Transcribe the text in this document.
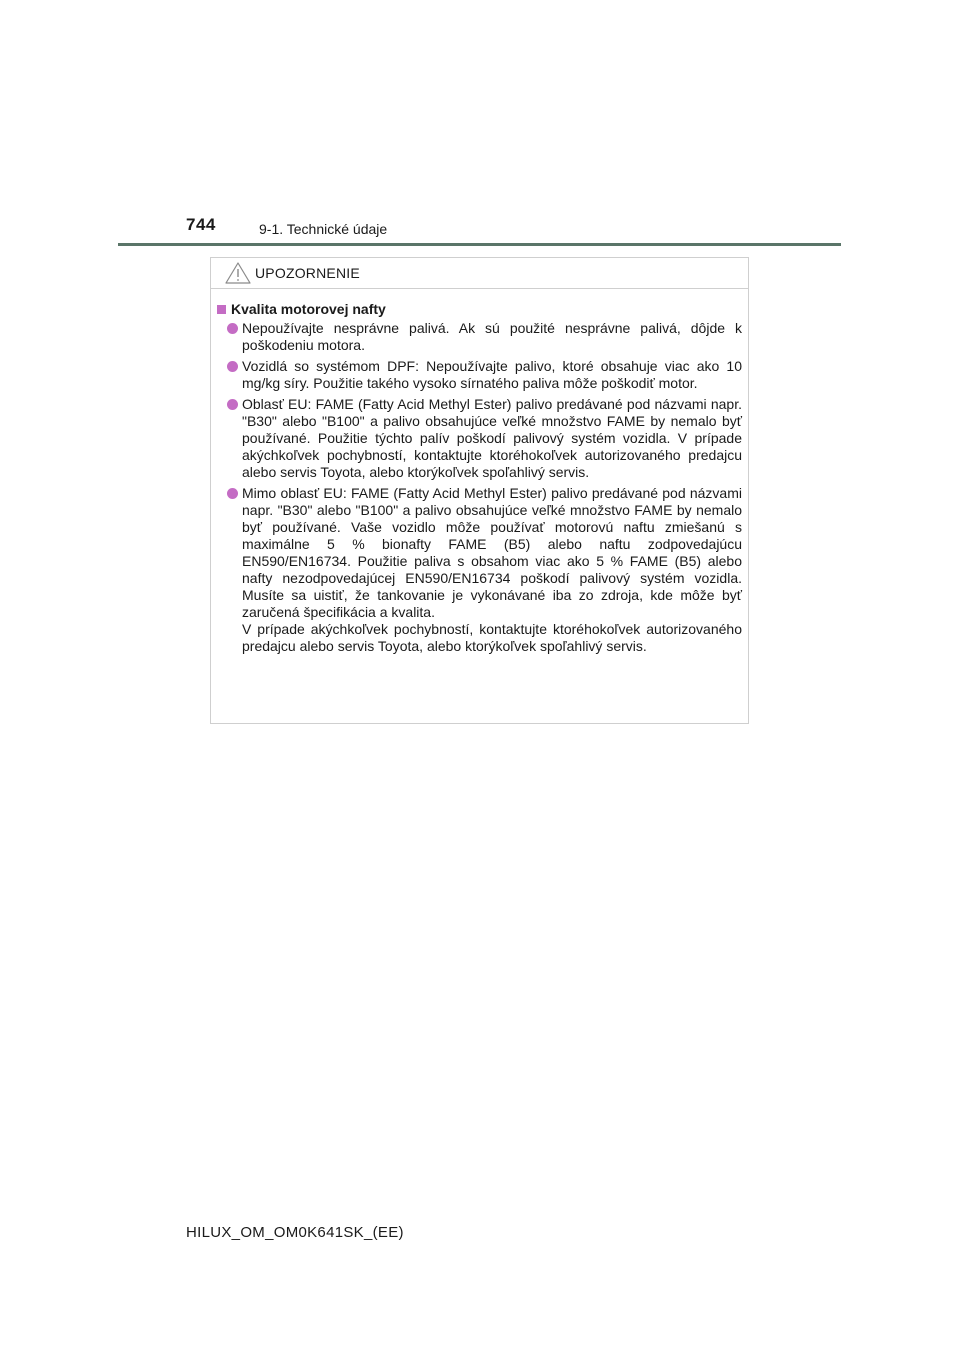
744	9-1. Technické údaje
UPOZORNENIE
Kvalita motorovej nafty
Nepoužívajte nesprávne palivá. Ak sú použité nesprávne palivá, dôjde k poškodeniu motora.
Vozidlá so systémom DPF: Nepoužívajte palivo, ktoré obsahuje viac ako 10 mg/kg síry. Použitie takého vysoko sírnatého paliva môže poškodiť motor.
Oblasť EU: FAME (Fatty Acid Methyl Ester) palivo predávané pod názvami napr. "B30" alebo "B100" a palivo obsahujúce veľké množstvo FAME by nemalo byť používané. Použitie týchto palív poškodí palivový systém vozidla. V prípade akýchkoľvek pochybností, kontaktujte ktoréhokoľvek autorizovaného predajcu alebo servis Toyota, alebo ktorýkoľvek spoľahlivý servis.
Mimo oblasť EU: FAME (Fatty Acid Methyl Ester) palivo predávané pod názvami napr. "B30" alebo "B100" a palivo obsahujúce veľké množstvo FAME by nemalo byť používané. Vaše vozidlo môže používať motorovú naftu zmiešanú s maximálne 5 % bionafty FAME (B5) alebo naftu zodpovedajúcu EN590/EN16734. Použitie paliva s obsahom viac ako 5 % FAME (B5) alebo nafty nezodpovedajúcej EN590/EN16734 poškodí palivový systém vozidla. Musíte sa uistiť, že tankovanie je vykonávané iba zo zdroja, kde môže byť zaručená špecifikácia a kvalita.
V prípade akýchkoľvek pochybností, kontaktujte ktoréhokoľvek autorizovaného predajcu alebo servis Toyota, alebo ktorýkoľvek spoľahlivý servis.
HILUX_OM_OM0K641SK_(EE)
